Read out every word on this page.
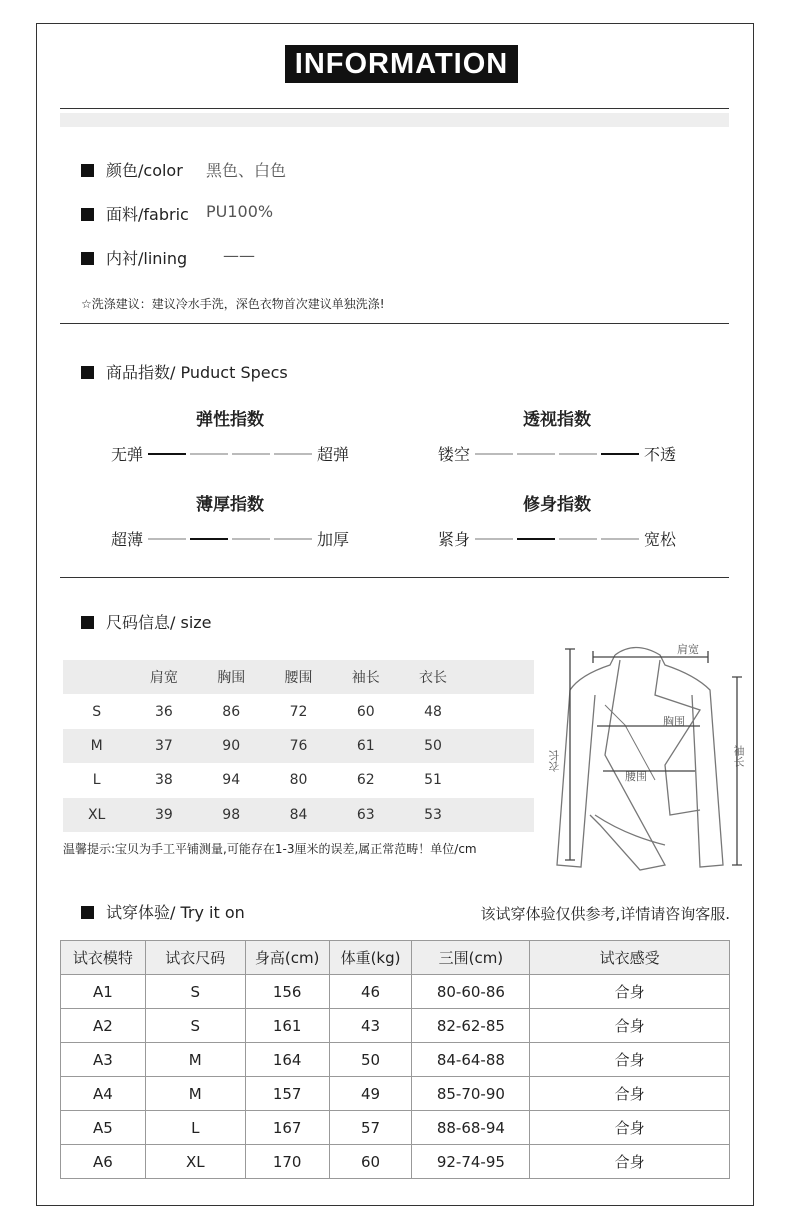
INFORMATION
颜色/color 黑色、白色
面料/fabric PU100%
内衬/lining ——
☆洗涤建议：建议冷水手洗，深色衣物首次建议单独洗涤!
商品指数/ Puduct Specs
尺码信息/ size
	肩宽	胸围	腰围	袖长	衣长	
S	36	86	72	60	48	
M	37	90	76	61	50	
L	38	94	80	62	51	
XL	39	98	84	63	53	
温馨提示:宝贝为手工平铺测量,可能存在1-3厘米的误差,属正常范畴！单位/cm
肩宽
胸围
腰围
衣长	袖长
试穿体验/ Try it on	该试穿体验仅供参考,详情请咨询客服.
试衣模特	试衣尺码	身高(cm)	体重(kg)	三围(cm)	试衣感受
A1	S	156	46	80-60-86	合身
A2	S	161	43	82-62-85	合身
A3	M	164	50	84-64-88	合身
A4	M	157	49	85-70-90	合身
A5	L	167	57	88-68-94	合身
A6	XL	170	60	92-74-95	合身
弹性指数
无弹	超弹
透视指数
镂空	不透
薄厚指数
超薄	加厚
修身指数
紧身	宽松
